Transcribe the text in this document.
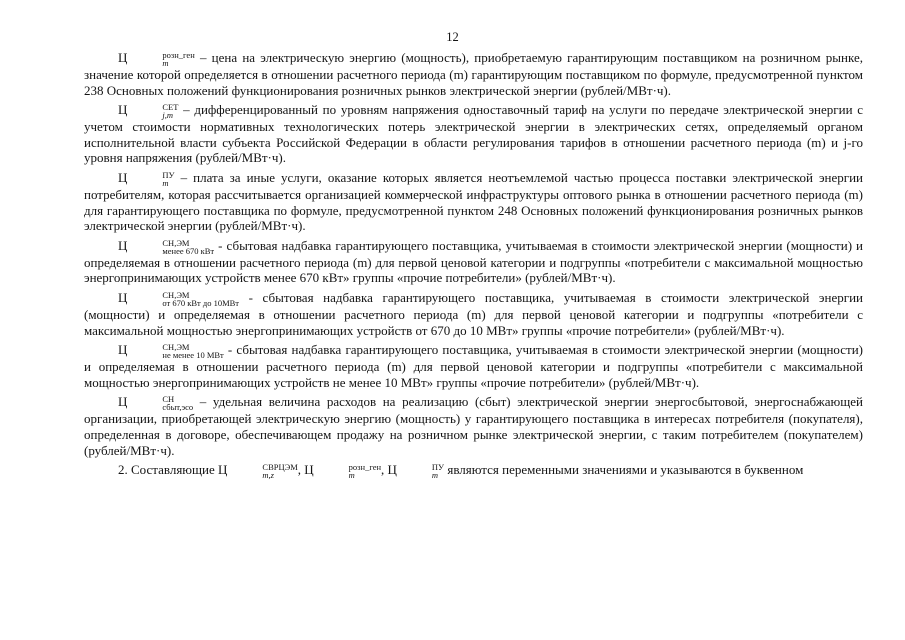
12

Ц	розн_ген
m	– цена на электрическую энергию (мощность), приобретаемую гарантирующим поставщиком на розничном рынке, значение которой определяется в отношении расчетного периода (m) гарантирующим поставщиком по формуле, предусмотренной пунктом 238 Основных положений функционирования розничных рынков электрической энергии (рублей/МВт·ч).

Ц	СЕТ
j,m – дифференцированный по уровням напряжения одноставочный тариф на услуги по передаче электрической энергии с учетом стоимости нормативных технологических потерь электрической энергии в электрических сетях, определяемый органом исполнительной власти субъекта Российской Федерации в области регулирования тарифов в отношении расчетного периода (m) и j-го уровня напряжения (рублей/МВт·ч).

Ц	ПУ
m – плата за иные услуги, оказание которых является неотъемлемой частью процесса поставки электрической энергии потребителям, которая рассчитывается организацией коммерческой инфраструктуры оптового рынка в отношении расчетного периода (m) для гарантирующего поставщика по формуле, предусмотренной пунктом 248 Основных положений функционирования розничных рынков электрической энергии (рублей/МВт·ч).

Ц	СН,ЭМ
менее 670 кВт - сбытовая надбавка гарантирующего поставщика, учитываемая в стоимости электрической энергии (мощности) и определяемая в отношении расчетного периода (m) для первой ценовой категории и подгруппы «потребители с максимальной мощностью энергопринимающих устройств менее 670 кВт» группы «прочие потребители» (рублей/МВт·ч).

Ц	СН,ЭМ
от 670 кВт до 10МВт - сбытовая надбавка гарантирующего поставщика, учитываемая в стоимости электрической энергии (мощности) и определяемая в отношении расчетного периода (m) для первой ценовой категории и подгруппы «потребители с максимальной мощностью энергопринимающих устройств от 670 до 10 МВт» группы «прочие потребители» (рублей/МВт·ч).

Ц	СН,ЭМ
не менее 10 МВт - сбытовая надбавка гарантирующего поставщика, учитываемая в стоимости электрической энергии (мощности) и определяемая в отношении расчетного периода (m) для первой ценовой категории и подгруппы «потребители с максимальной мощностью энергопринимающих устройств не менее 10 МВт» группы «прочие потребители» (рублей/МВт·ч).

Ц	СН
сбыт,эсо – удельная величина расходов на реализацию (сбыт) электрической энергии энергосбытовой, энергоснабжающей организации, приобретающей электрическую энергию (мощность) у гарантирующего поставщика в интересах потребителя (покупателя), определенная в договоре, обеспечивающем продажу на розничном рынке электрической энергии, с таким потребителем (покупателем) (рублей/МВт·ч).

2. Составляющие Ц	СВРЦЭМ
m,z	, Ц	розн_ген
m	, Ц	ПУ
m являются переменными значениями и указываются в буквенном
